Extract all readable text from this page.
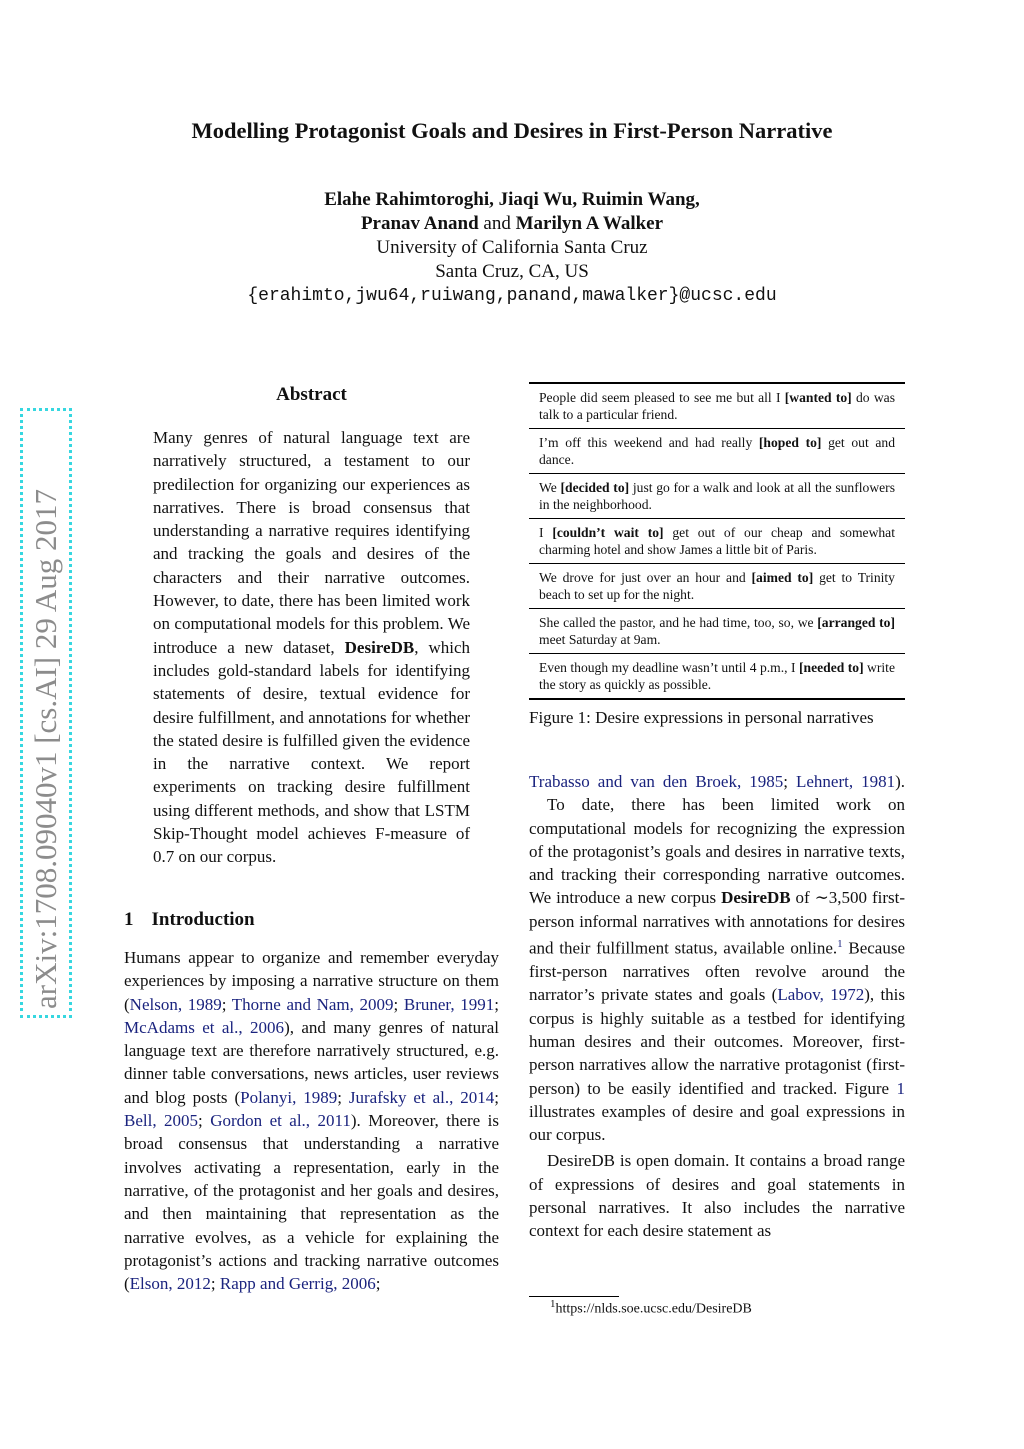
Modelling Protagonist Goals and Desires in First-Person Narrative
Elahe Rahimtoroghi, Jiaqi Wu, Ruimin Wang,
Pranav Anand and Marilyn A Walker
University of California Santa Cruz
Santa Cruz, CA, US
{erahimto,jwu64,ruiwang,panand,mawalker}@ucsc.edu
arXiv:1708.09040v1 [cs.AI] 29 Aug 2017
Abstract

Many genres of natural language text are narratively structured, a testament to our predilection for organizing our experiences as narratives. There is broad consensus that understanding a narrative requires identifying and tracking the goals and desires of the characters and their narrative outcomes. However, to date, there has been limited work on computational models for this problem. We introduce a new dataset, DesireDB, which includes gold-standard labels for identifying statements of desire, textual evidence for desire fulfillment, and annotations for whether the stated desire is fulfilled given the evidence in the narrative context. We report experiments on tracking desire fulfillment using different methods, and show that LSTM Skip-Thought model achieves F-measure of 0.7 on our corpus.

1 Introduction

Humans appear to organize and remember everyday experiences by imposing a narrative structure on them (Nelson, 1989; Thorne and Nam, 2009; Bruner, 1991; McAdams et al., 2006), and many genres of natural language text are therefore narratively structured, e.g. dinner table conversations, news articles, user reviews and blog posts (Polanyi, 1989; Jurafsky et al., 2014; Bell, 2005; Gordon et al., 2011). Moreover, there is broad consensus that understanding a narrative involves activating a representation, early in the narrative, of the protagonist and her goals and desires, and then maintaining that representation as the narrative evolves, as a vehicle for explaining the protagonist’s actions and tracking narrative outcomes (Elson, 2012; Rapp and Gerrig, 2006;

People did seem pleased to see me but all I [wanted to] do was talk to a particular friend.
I’m off this weekend and had really [hoped to] get out and dance.
We [decided to] just go for a walk and look at all the sunflowers in the neighborhood.
I [couldn’t wait to] get out of our cheap and somewhat charming hotel and show James a little bit of Paris.
We drove for just over an hour and [aimed to] get to Trinity beach to set up for the night.
She called the pastor, and he had time, too, so, we [arranged to] meet Saturday at 9am.
Even though my deadline wasn’t until 4 p.m., I [needed to] write the story as quickly as possible.
Figure 1: Desire expressions in personal narratives

Trabasso and van den Broek, 1985; Lehnert, 1981).

To date, there has been limited work on computational models for recognizing the expression of the protagonist’s goals and desires in narrative texts, and tracking their corresponding narrative outcomes. We introduce a new corpus DesireDB of ∼3,500 first-person informal narratives with annotations for desires and their fulfillment status, available online.$^1$ Because first-person narratives often revolve around the narrator’s private states and goals (Labov, 1972), this corpus is highly suitable as a testbed for identifying human desires and their outcomes. Moreover, first-person narratives allow the narrative protagonist (first-person) to be easily identified and tracked. Figure 1 illustrates examples of desire and goal expressions in our corpus.

DesireDB is open domain. It contains a broad range of expressions of desires and goal statements in personal narratives. It also includes the narrative context for each desire statement as

$^1$https://nlds.soe.ucsc.edu/DesireDB
